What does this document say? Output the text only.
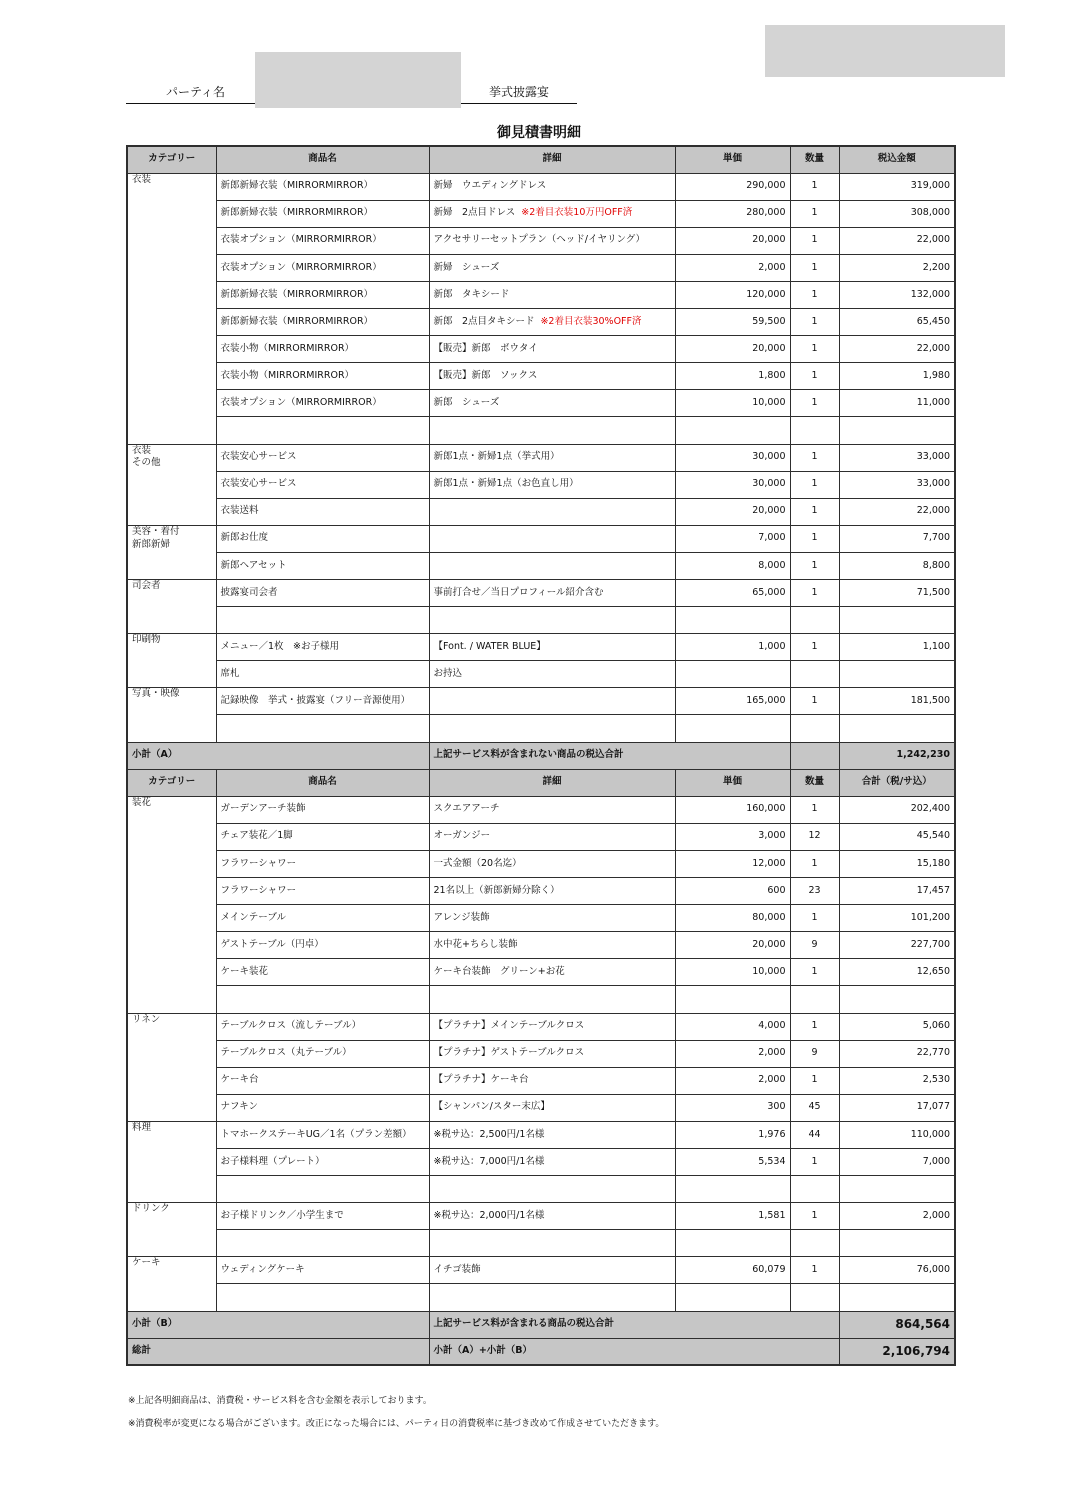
パーティ名	挙式披露宴
御見積書明細
カテゴリー	商品名	詳細	単価	数量	税込金額

衣装	新郎新婦衣装（MIRRORMIRROR）	新婦　ウエディングドレス	290,000	1	319,000
	新郎新婦衣装（MIRRORMIRROR）	新婦　2点目ドレス ※2着目衣装10万円OFF済	280,000	1	308,000
	衣装オプション（MIRRORMIRROR）	アクセサリーセットプラン（ヘッド/イヤリング）	20,000	1	22,000
	衣装オプション（MIRRORMIRROR）	新婦　シューズ	2,000	1	2,200
	新郎新婦衣装（MIRRORMIRROR）	新郎　タキシード	120,000	1	132,000
	新郎新婦衣装（MIRRORMIRROR）	新郎　2点目タキシード ※2着目衣装30%OFF済	59,500	1	65,450
	衣装小物（MIRRORMIRROR）	【販売】新郎　ボウタイ	20,000	1	22,000
	衣装小物（MIRRORMIRROR）	【販売】新郎　ソックス	1,800	1	1,980
	衣装オプション（MIRRORMIRROR）	新郎　シューズ	10,000	1	11,000

衣装
その他	衣装安心サービス	新郎1点・新婦1点（挙式用）	30,000	1	33,000
	衣装安心サービス	新郎1点・新婦1点（お色直し用）	30,000	1	33,000
	衣装送料		20,000	1	22,000

美容・着付
新郎新婦	新郎お仕度		7,000	1	7,700
	新郎ヘアセット		8,000	1	8,800

司会者	披露宴司会者	事前打合せ／当日プロフィール紹介含む	65,000	1	71,500

印刷物	メニュー／1枚　※お子様用	【Font. / WATER BLUE】	1,000	1	1,100
	席札	お持込			

写真・映像	記録映像　挙式・披露宴（フリー音源使用）		165,000	1	181,500

小計（A）		上記サービス料が含まれない商品の税込合計			1,242,230
カテゴリー	商品名	詳細	単価	数量	合計（税/サ込）

装花	ガーデンアーチ装飾	スクエアアーチ	160,000	1	202,400
	チェア装花／1脚	オーガンジー	3,000	12	45,540
	フラワーシャワー	一式金額（20名迄）	12,000	1	15,180
	フラワーシャワー	21名以上（新郎新婦分除く）	600	23	17,457
	メインテーブル	アレンジ装飾	80,000	1	101,200
	ゲストテーブル（円卓）	水中花+ちらし装飾	20,000	9	227,700
	ケーキ装花	ケーキ台装飾　グリーン+お花	10,000	1	12,650

リネン	テーブルクロス（流しテーブル）	【プラチナ】メインテーブルクロス	4,000	1	5,060
	テーブルクロス（丸テーブル）	【プラチナ】ゲストテーブルクロス	2,000	9	22,770
	ケーキ台	【プラチナ】ケーキ台	2,000	1	2,530
	ナフキン	【シャンパン/スター末広】	300	45	17,077

料理	トマホークステーキUG／1名（プラン差額）	※税サ込：2,500円/1名様	1,976	44	110,000
	お子様料理（プレート）	※税サ込：7,000円/1名様	5,534	1	7,000

ドリンク	お子様ドリンク／小学生まで	※税サ込：2,000円/1名様	1,581	1	2,000

ケーキ	ウェディングケーキ	イチゴ装飾	60,079	1	76,000

小計（B）		上記サービス料が含まれる商品の税込合計			864,564
総計		小計（A）+小計（B）			2,106,794
※上記各明細商品は、消費税・サービス料を含む金額を表示しております。
※消費税率が変更になる場合がございます。改正になった場合には、パーティ日の消費税率に基づき改めて作成させていただきます。
